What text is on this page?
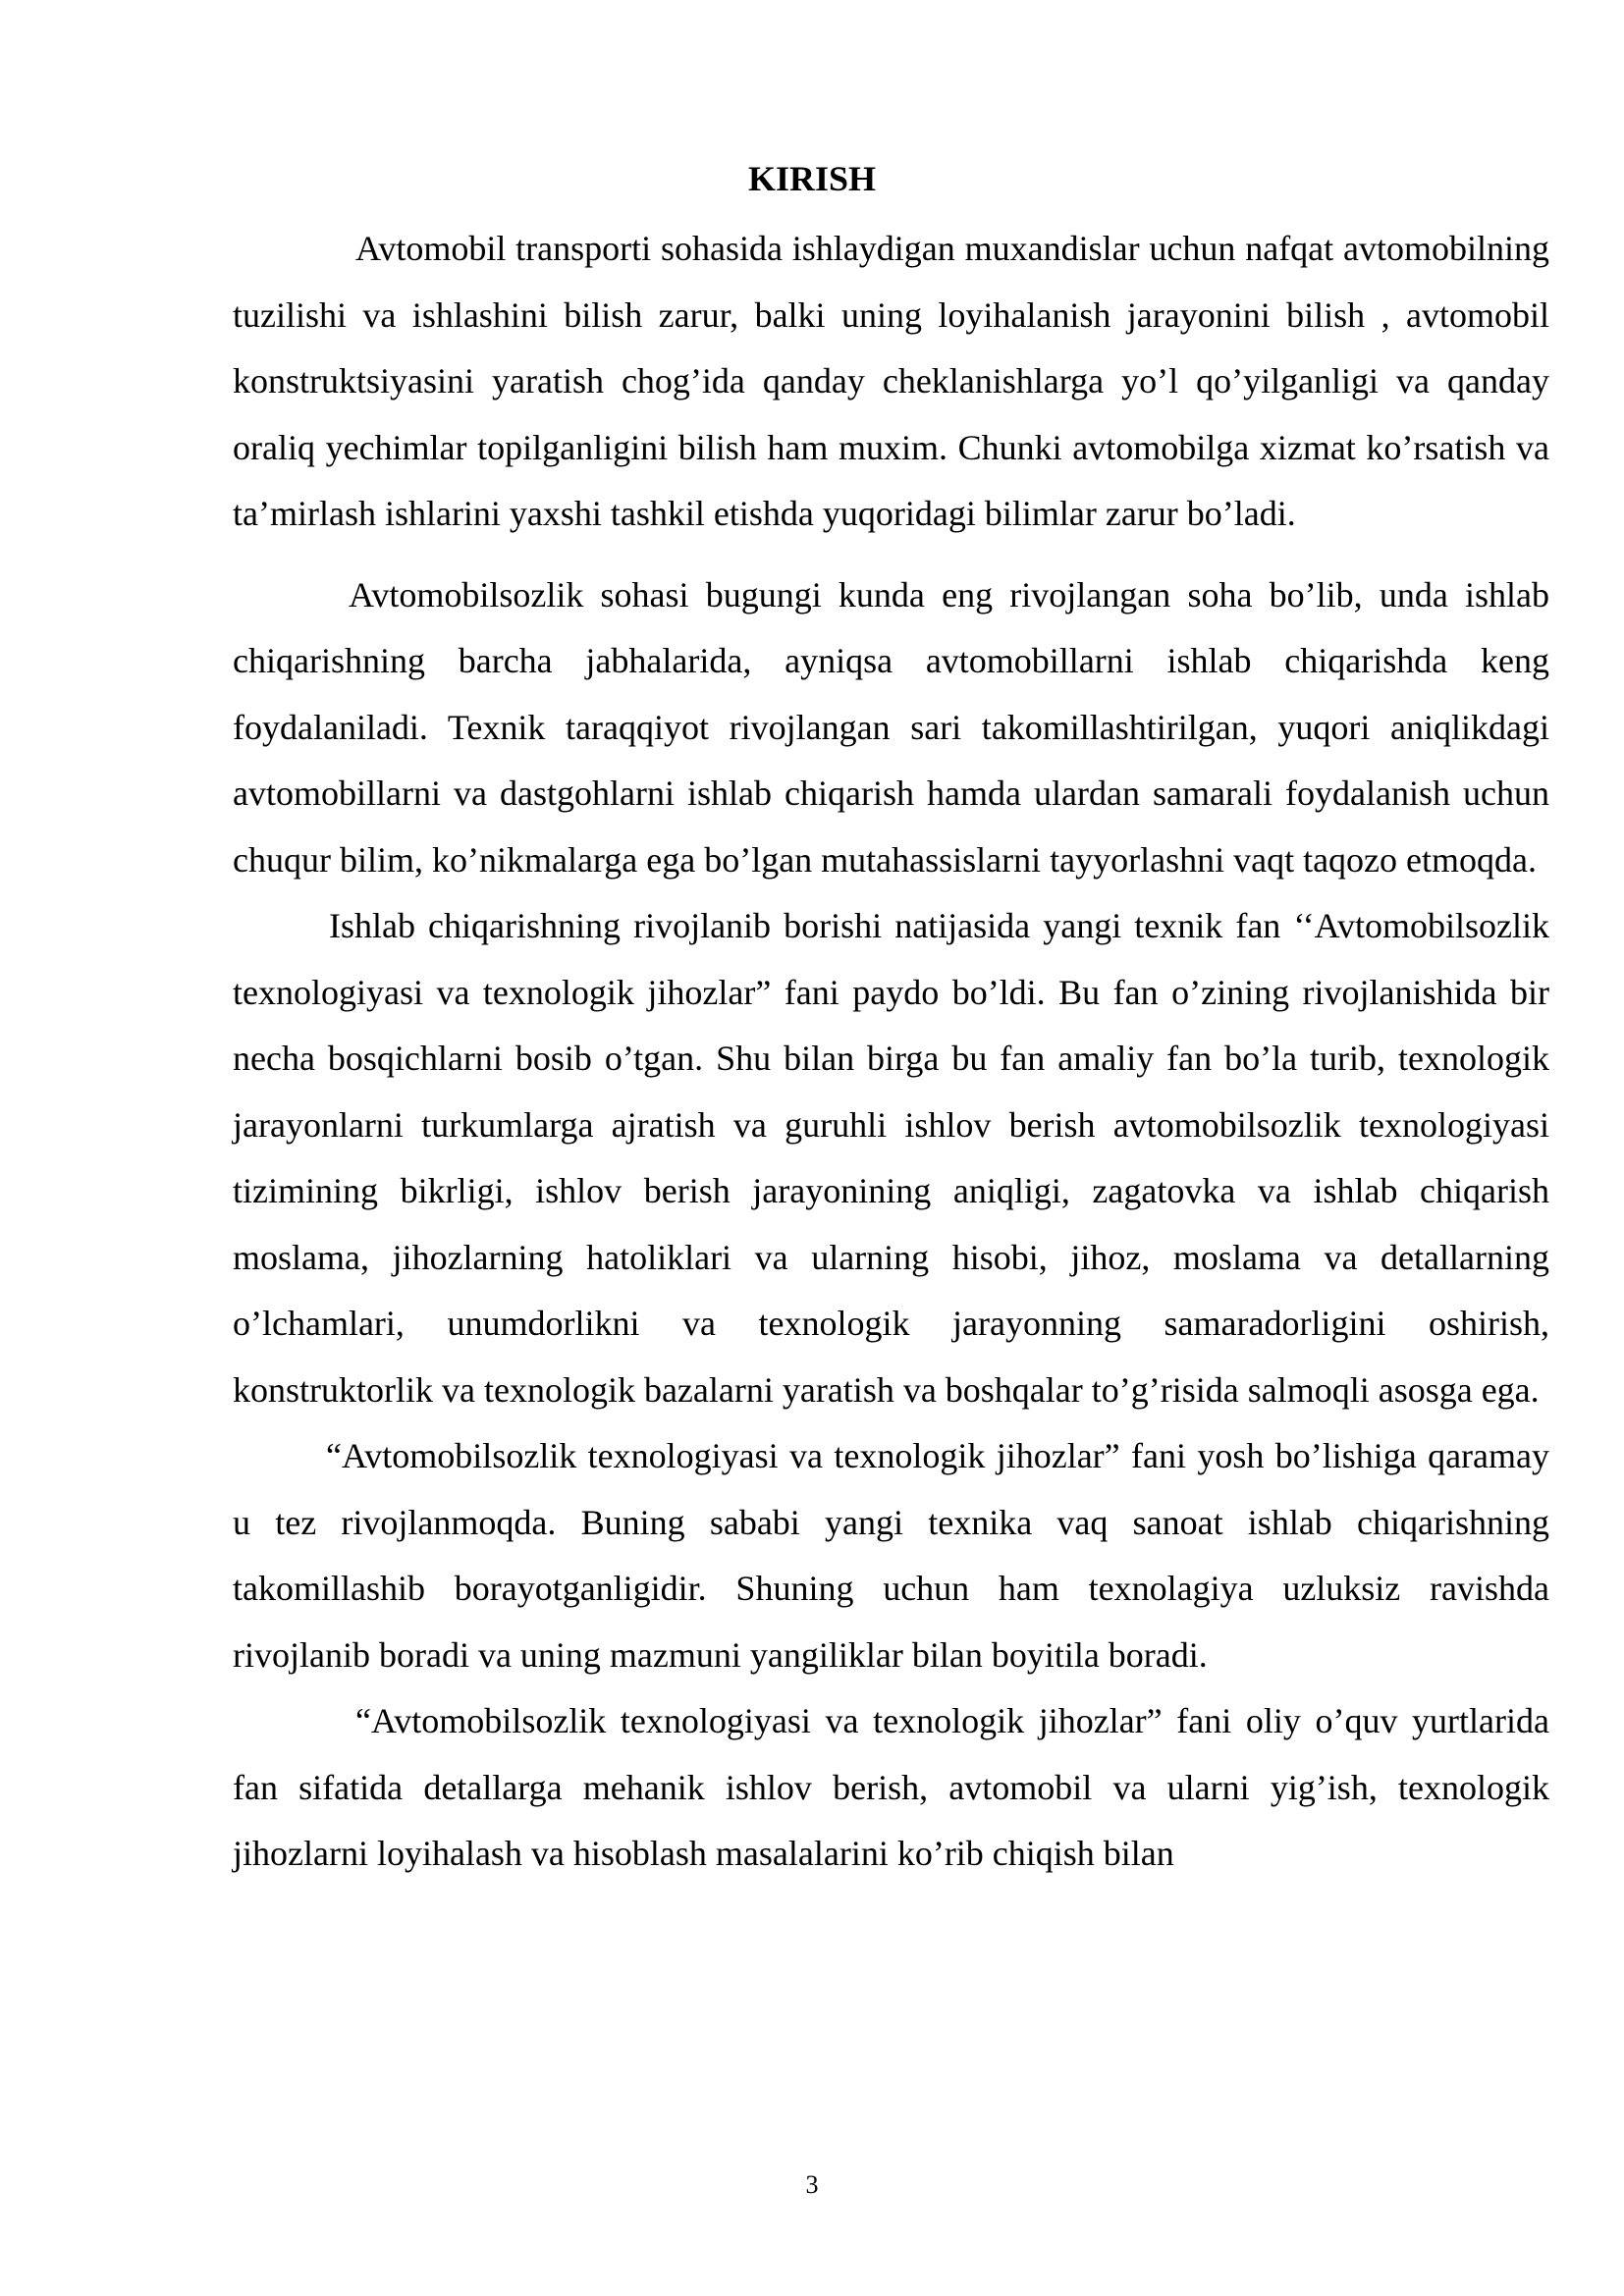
KIRISH

Avtomobil transporti sohasida ishlaydigan muxandislar uchun nafqat avtomobilning tuzilishi va ishlashini bilish zarur, balki uning loyihalanish jarayonini bilish , avtomobil konstruktsiyasini yaratish chog’ida qanday cheklanishlarga yo’l qo’yilganligi va qanday oraliq yechimlar topilganligini bilish ham muxim. Chunki avtomobilga xizmat ko’rsatish va ta’mirlash ishlarini yaxshi tashkil etishda yuqoridagi bilimlar zarur bo’ladi.

Avtomobilsozlik sohasi bugungi kunda eng rivojlangan soha bo’lib, unda ishlab chiqarishning barcha jabhalarida, ayniqsa avtomobillarni ishlab chiqarishda keng foydalaniladi. Texnik taraqqiyot rivojlangan sari takomillashtirilgan, yuqori aniqlikdagi avtomobillarni va dastgohlarni ishlab chiqarish hamda ulardan samarali foydalanish uchun chuqur bilim, ko’nikmalarga ega bo’lgan mutahassislarni tayyorlashni vaqt taqozo etmoqda.

Ishlab chiqarishning rivojlanib borishi natijasida yangi texnik fan ‘‘Avtomobilsozlik texnologiyasi va texnologik jihozlar” fani paydo bo’ldi. Bu fan o’zining rivojlanishida bir necha bosqichlarni bosib o’tgan. Shu bilan birga bu fan amaliy fan bo’la turib, texnologik jarayonlarni turkumlarga ajratish va guruhli ishlov berish avtomobilsozlik texnologiyasi tizimining bikrligi, ishlov berish jarayonining aniqligi, zagatovka va ishlab chiqarish moslama, jihozlarning hatoliklari va ularning hisobi, jihoz, moslama va detallarning o’lchamlari, unumdorlikni va texnologik jarayonning samaradorligini oshirish, konstruktorlik va texnologik bazalarni yaratish va boshqalar to’g’risida salmoqli asosga ega.

“Avtomobilsozlik texnologiyasi va texnologik jihozlar” fani yosh bo’lishiga qaramay u tez rivojlanmoqda. Buning sababi yangi texnika vaq sanoat ishlab chiqarishning takomillashib borayotganligidir. Shuning uchun ham texnolagiya uzluksiz ravishda rivojlanib boradi va uning mazmuni yangiliklar bilan boyitila boradi.

“Avtomobilsozlik texnologiyasi va texnologik jihozlar” fani oliy o’quv yurtlarida fan sifatida detallarga mehanik ishlov berish, avtomobil va ularni yig’ish, texnologik jihozlarni loyihalash va hisoblash masalalarini ko’rib chiqish bilan

3
